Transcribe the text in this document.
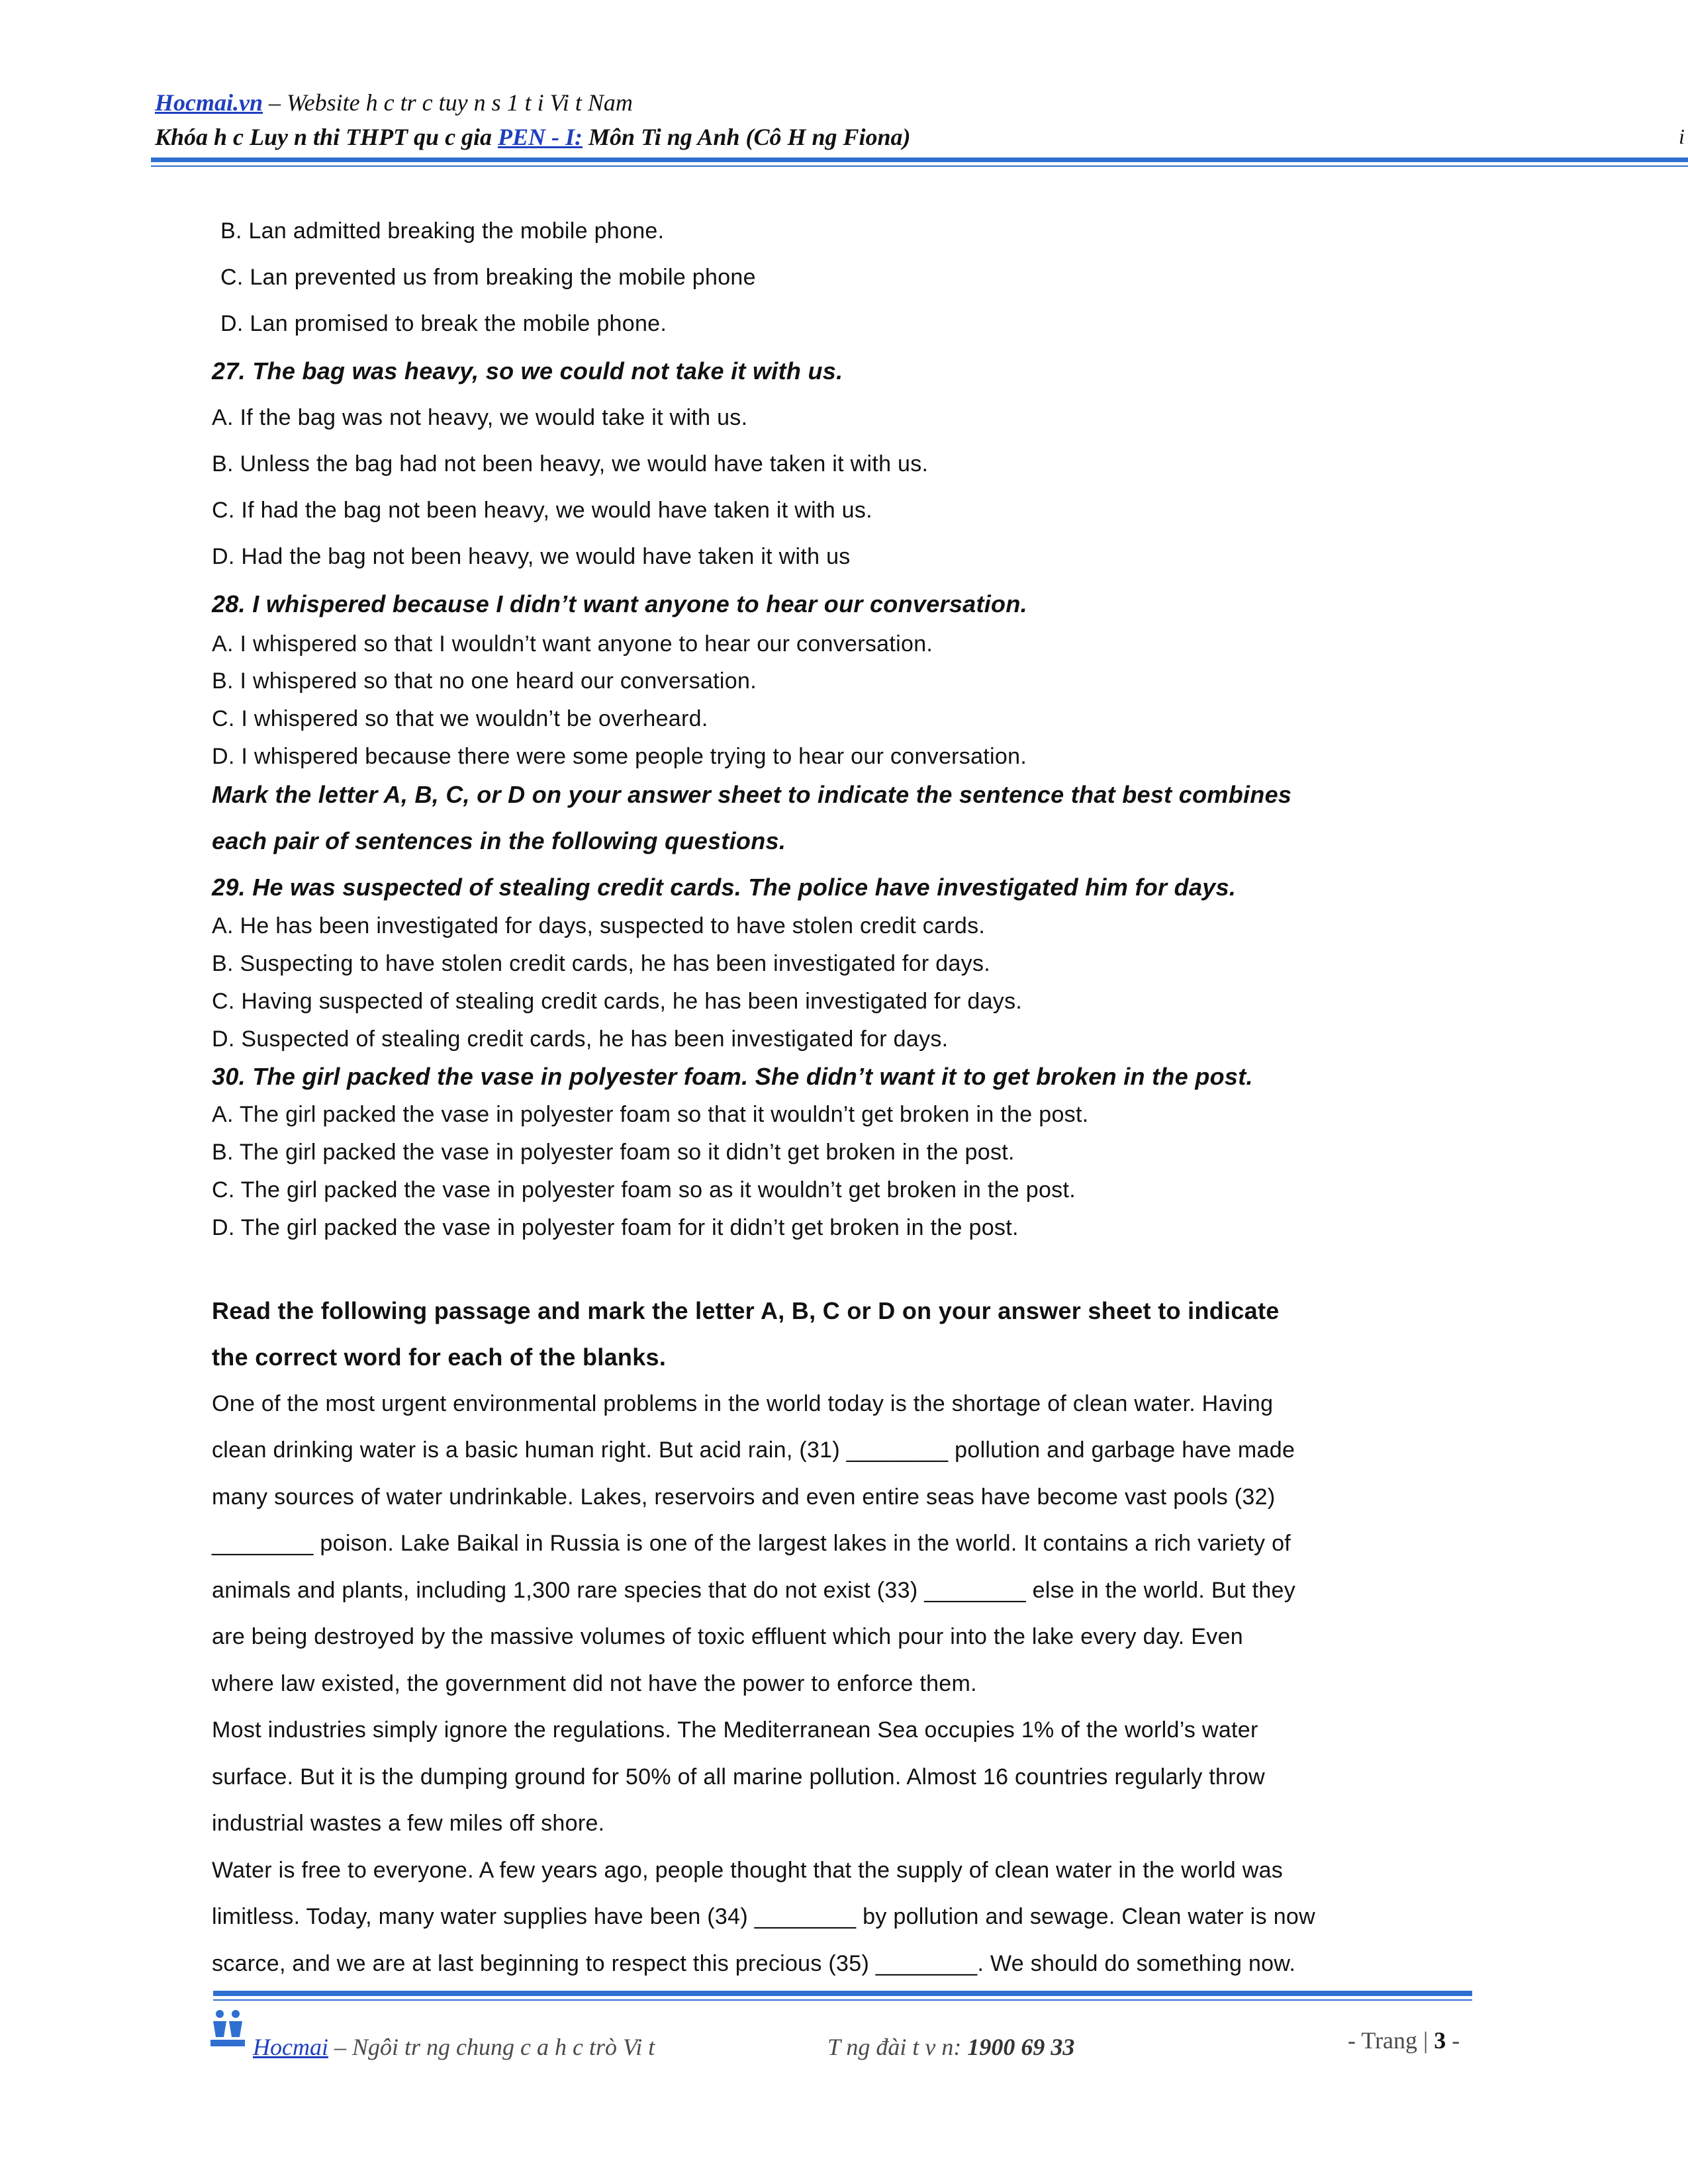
Hocmai.vn – Website h c tr c tuy n s 1 t i Vi t Nam
Khóa h c Luy n thi THPT qu c gia PEN - I: Môn Ti ng Anh (Cô H ng Fiona)	i
B. Lan admitted breaking the mobile phone.
C. Lan prevented us from breaking the mobile phone
D. Lan promised to break the mobile phone.
27. The bag was heavy, so we could not take it with us.
A. If the bag was not heavy, we would take it with us.
B. Unless the bag had not been heavy, we would have taken it with us.
C. If had the bag not been heavy, we would have taken it with us.
D. Had the bag not been heavy, we would have taken it with us
28. I whispered because I didn’t want anyone to hear our conversation.
A. I whispered so that I wouldn’t want anyone to hear our conversation.
B. I whispered so that no one heard our conversation.
C. I whispered so that we wouldn’t be overheard.
D. I whispered because there were some people trying to hear our conversation.
Mark the letter A, B, C, or D on your answer sheet to indicate the sentence that best combines
each pair of sentences in the following questions.
29. He was suspected of stealing credit cards. The police have investigated him for days.
A. He has been investigated for days, suspected to have stolen credit cards.
B. Suspecting to have stolen credit cards, he has been investigated for days.
C. Having suspected of stealing credit cards, he has been investigated for days.
D. Suspected of stealing credit cards, he has been investigated for days.
30. The girl packed the vase in polyester foam. She didn’t want it to get broken in the post.
A. The girl packed the vase in polyester foam so that it wouldn’t get broken in the post.
B. The girl packed the vase in polyester foam so it didn’t get broken in the post.
C. The girl packed the vase in polyester foam so as it wouldn’t get broken in the post.
D. The girl packed the vase in polyester foam for it didn’t get broken in the post.
Read the following passage and mark the letter A, B, C or D on your answer sheet to indicate
the correct word for each of the blanks.
One of the most urgent environmental problems in the world today is the shortage of clean water. Having
clean drinking water is a basic human right. But acid rain, (31) ________ pollution and garbage have made
many sources of water undrinkable. Lakes, reservoirs and even entire seas have become vast pools (32)
________ poison. Lake Baikal in Russia is one of the largest lakes in the world. It contains a rich variety of
animals and plants, including 1,300 rare species that do not exist (33) ________ else in the world. But they
are being destroyed by the massive volumes of toxic effluent which pour into the lake every day. Even
where law existed, the government did not have the power to enforce them.
Most industries simply ignore the regulations. The Mediterranean Sea occupies 1% of the world’s water
surface. But it is the dumping ground for 50% of all marine pollution. Almost 16 countries regularly throw
industrial wastes a few miles off shore.
Water is free to everyone. A few years ago, people thought that the supply of clean water in the world was
limitless. Today, many water supplies have been (34) ________ by pollution and sewage. Clean water is now
scarce, and we are at last beginning to respect this precious (35) ________. We should do something now.
Hocmai – Ngôi tr ng chung c a h c trò Vi t	T ng đài t v n: 1900 69 33	- Trang | 3 -
